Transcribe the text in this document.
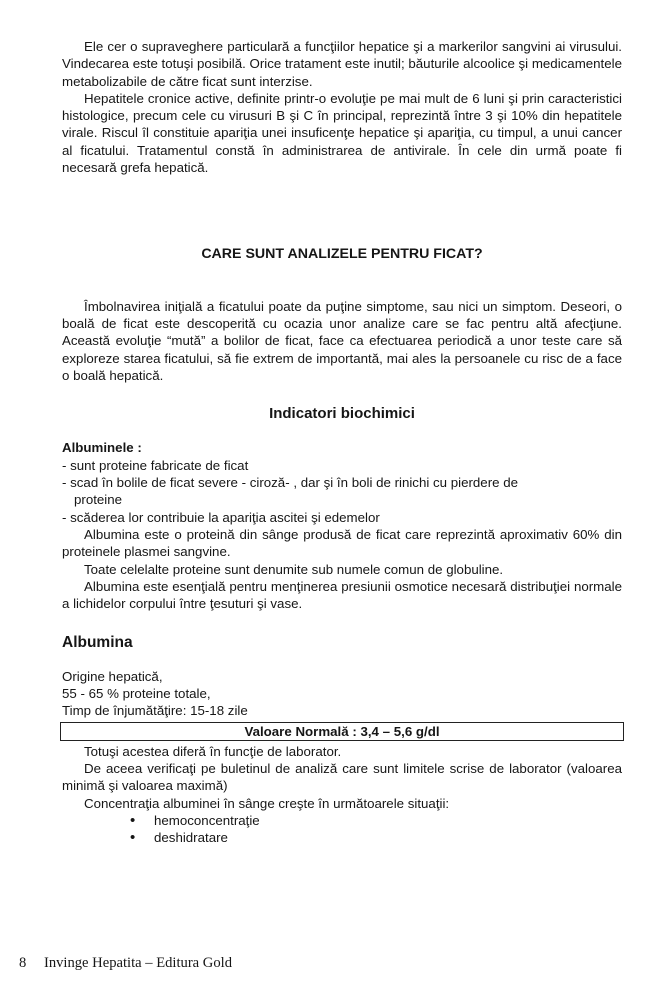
Ele cer o supraveghere particulară a funcţiilor hepatice şi a markerilor sangvini ai virusului. Vindecarea este totuşi posibilă. Orice tratament este inutil; băuturile alcoolice şi medicamentele metabolizabile de către ficat sunt interzise.

Hepatitele cronice active, definite printr-o evoluţie pe mai mult de 6 luni şi prin caracteristici histologice, precum cele cu virusuri B şi C în principal, reprezintă între 3 şi 10% din hepatitele virale. Riscul îl constituie apariţia unei insuficenţe hepatice şi apariţia, cu timpul, a unui cancer al ficatului. Tratamentul constă în administrarea de antivirale. În cele din urmă poate fi necesară grefa hepatică.

CARE SUNT ANALIZELE PENTRU FICAT?

Îmbolnavirea iniţială a ficatului poate da puţine simptome, sau nici un simptom. Deseori, o boală de ficat este descoperită cu ocazia unor analize care se fac pentru altă afecţiune. Această evoluţie “mută” a bolilor de ficat, face ca efectuarea periodică a unor teste care să exploreze starea ficatului, să fie extrem de importantă, mai ales la persoanele cu risc de a face o boală hepatică.

Indicatori biochimici
Albuminele :
- sunt proteine fabricate de ficat
- scad în bolile de ficat severe - ciroză- , dar şi în boli de rinichi cu pierdere de
proteine
- scăderea lor contribuie la apariţia ascitei şi edemelor

Albumina este o proteină din sânge produsă de ficat care reprezintă aproximativ 60% din proteinele plasmei sangvine.

Toate celelalte proteine sunt denumite sub numele comun de globuline.

Albumina este esenţială pentru menţinerea presiunii osmotice necesară distribuţiei normale a lichidelor corpului între ţesuturi şi vase.

Albumina
Origine hepatică,
55 - 65 % proteine totale,
Timp de înjumătăţire: 15-18 zile
Valoare Normală : 3,4 – 5,6 g/dl

Totuşi acestea diferă în funcţie de laborator.

De aceea verificaţi pe buletinul de analiză care sunt limitele scrise de laborator (valoarea minimă şi valoarea maximă)

Concentraţia albuminei în sânge creşte în următoarele situaţii:

• hemoconcentraţie
• deshidratare
8 Invinge Hepatita – Editura Gold
